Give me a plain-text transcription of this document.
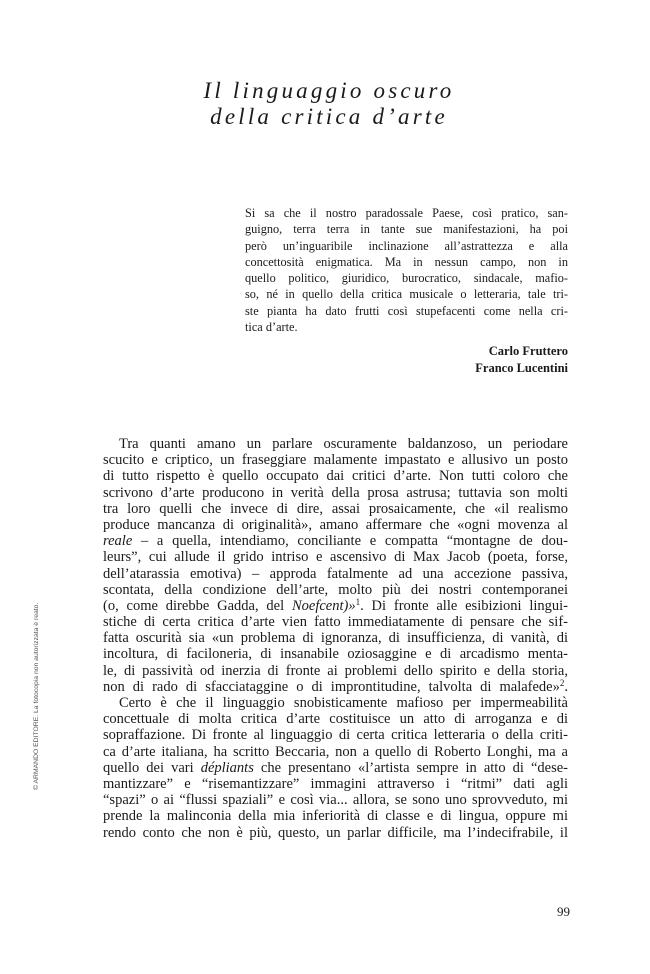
Il linguaggio oscuro
della critica d’arte
Si sa che il nostro paradossale Paese, così pratico, san-
guigno, terra terra in tante sue manifestazioni, ha poi
però un’inguaribile inclinazione all’astrattezza e alla
concettosità enigmatica. Ma in nessun campo, non in
quello politico, giuridico, burocratico, sindacale, mafio-
so, né in quello della critica musicale o letteraria, tale tri-
ste pianta ha dato frutti così stupefacenti come nella cri-
tica d’arte.
Carlo Fruttero
Franco Lucentini
Tra quanti amano un parlare oscuramente baldanzoso, un periodare
scucito e criptico, un fraseggiare malamente impastato e allusivo un posto
di tutto rispetto è quello occupato dai critici d’arte. Non tutti coloro che
scrivono d’arte producono in verità della prosa astrusa; tuttavia son molti
tra loro quelli che invece di dire, assai prosaicamente, che «il realismo
produce mancanza di originalità», amano affermare che «ogni movenza al
reale – a quella, intendiamo, conciliante e compatta “montagne de dou-
leurs”, cui allude il grido intriso e ascensivo di Max Jacob (poeta, forse,
dell’atarassia emotiva) – approda fatalmente ad una accezione passiva,
scontata, della condizione dell’arte, molto più dei nostri contemporanei
(o, come direbbe Gadda, del Noefcent)»$^1$. Di fronte alle esibizioni lingui-
stiche di certa critica d’arte vien fatto immediatamente di pensare che sif-
fatta oscurità sia «un problema di ignoranza, di insufficienza, di vanità, di
incoltura, di faciloneria, di insanabile oziosaggine e di arcadismo menta-
le, di passività od inerzia di fronte ai problemi dello spirito e della storia,
non di rado di sfacciataggine o di improntitudine, talvolta di malafede»$^2$.
Certo è che il linguaggio snobisticamente mafioso per impermeabilità
concettuale di molta critica d’arte costituisce un atto di arroganza e di
sopraffazione. Di fronte al linguaggio di certa critica letteraria o della criti-
ca d’arte italiana, ha scritto Beccaria, non a quello di Roberto Longhi, ma a
quello dei vari dépliants che presentano «l’artista sempre in atto di “dese-
mantizzare” e “risemantizzare” immagini attraverso i “ritmi” dati agli
“spazi” o ai “flussi spaziali” e così via... allora, se sono uno sprovveduto, mi
prende la malinconia della mia inferiorità di classe e di lingua, oppure mi
rendo conto che non è più, questo, un parlar difficile, ma l’indecifrabile, il
© ARMANDO EDITORE. La fotocopia non autorizzata è reato.
99
